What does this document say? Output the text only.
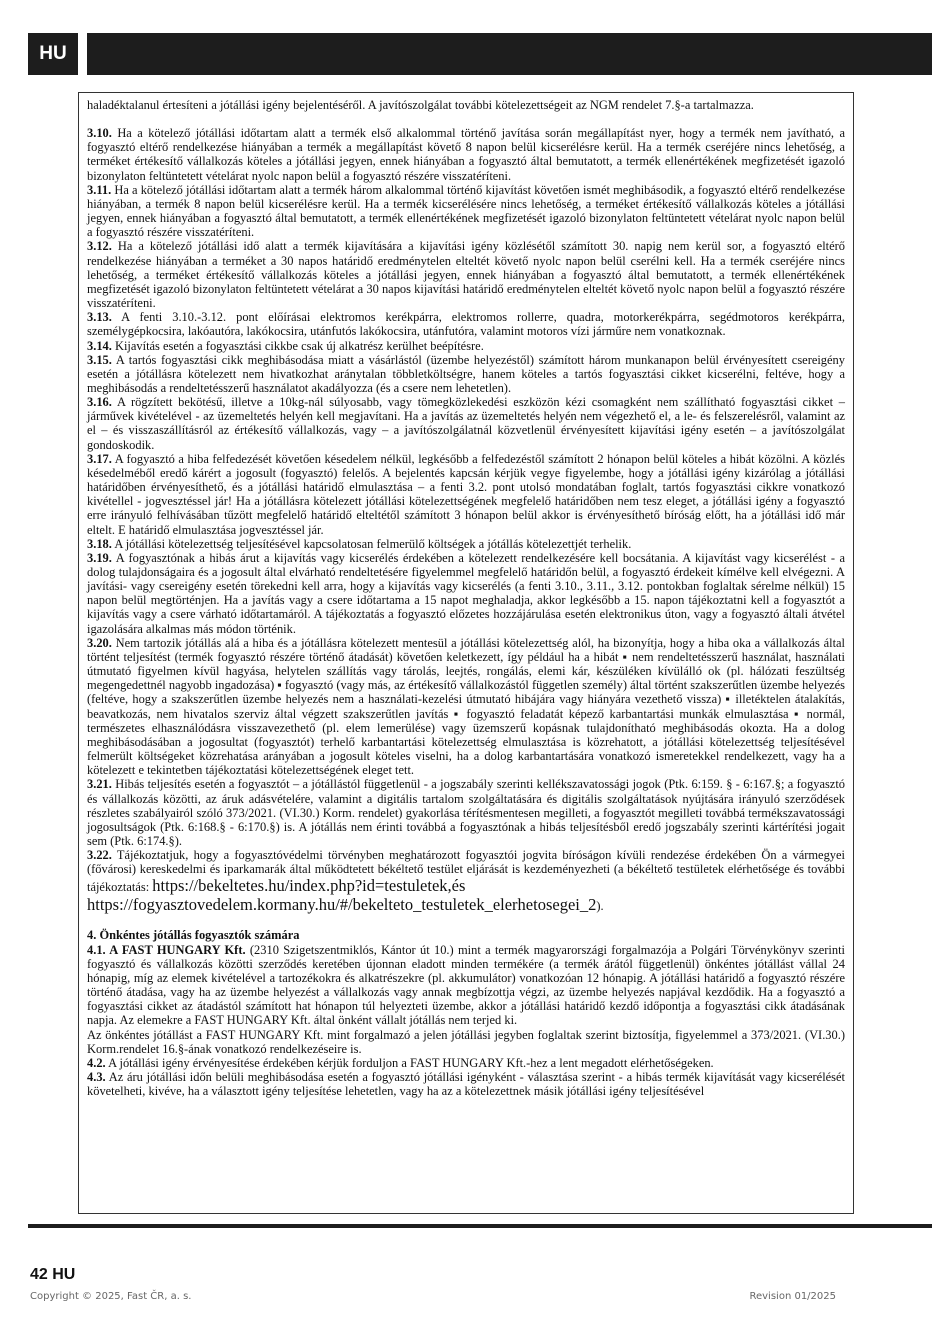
HU

haladéktalanul értesíteni a jótállási igény bejelentéséről. A javítószolgálat további kötelezettségeit az NGM rendelet 7.§-a tartalmazza.

3.10. Ha a kötelező jótállási időtartam alatt a termék első alkalommal történő javítása során megállapítást nyer, hogy a termék nem javítható, a fogyasztó eltérő rendelkezése hiányában a termék a megállapítást követő 8 napon belül kicserélésre kerül. Ha a termék cseréjére nincs lehetőség, a terméket értékesítő vállalkozás köteles a jótállási jegyen, ennek hiányában a fogyasztó által bemutatott, a termék ellenértékének megfizetését igazoló bizonylaton feltüntetett vételárat nyolc napon belül a fogyasztó részére visszatéríteni.

3.11. Ha a kötelező jótállási időtartam alatt a termék három alkalommal történő kijavítást követően ismét meghibásodik, a fogyasztó eltérő rendelkezése hiányában, a termék 8 napon belül kicserélésre kerül. Ha a termék kicserélésére nincs lehetőség, a terméket értékesítő vállalkozás köteles a jótállási jegyen, ennek hiányában a fogyasztó által bemutatott, a termék ellenértékének megfizetését igazoló bizonylaton feltüntetett vételárat nyolc napon belül a fogyasztó részére visszatéríteni.

3.12. Ha a kötelező jótállási idő alatt a termék kijavítására a kijavítási igény közlésétől számított 30. napig nem kerül sor, a fogyasztó eltérő rendelkezése hiányában a terméket a 30 napos határidő eredménytelen elteltét követő nyolc napon belül cserélni kell. Ha a termék cseréjére nincs lehetőség, a terméket értékesítő vállalkozás köteles a jótállási jegyen, ennek hiányában a fogyasztó által bemutatott, a termék ellenértékének megfizetését igazoló bizonylaton feltüntetett vételárat a 30 napos kijavítási határidő eredménytelen elteltét követő nyolc napon belül a fogyasztó részére visszatéríteni.

3.13. A fenti 3.10.-3.12. pont előírásai elektromos kerékpárra, elektromos rollerre, quadra, motorkerékpárra, segédmotoros kerékpárra, személygépkocsira, lakóautóra, lakókocsira, utánfutós lakókocsira, utánfutóra, valamint motoros vízi járműre nem vonatkoznak.

3.14. Kijavítás esetén a fogyasztási cikkbe csak új alkatrész kerülhet beépítésre.

3.15. A tartós fogyasztási cikk meghibásodása miatt a vásárlástól (üzembe helyezéstől) számított három munkanapon belül érvényesített csereigény esetén a jótállásra kötelezett nem hivatkozhat aránytalan többletköltségre, hanem köteles a tartós fogyasztási cikket kicserélni, feltéve, hogy a meghibásodás a rendeltetésszerű használatot akadályozza (és a csere nem lehetetlen).

3.16. A rögzített bekötésű, illetve a 10kg-nál súlyosabb, vagy tömegközlekedési eszközön kézi csomagként nem szállítható fogyasztási cikket – járművek kivételével - az üzemeltetés helyén kell megjavítani. Ha a javítás az üzemeltetés helyén nem végezhető el, a le- és felszerelésről, valamint az el – és visszaszállításról az értékesítő vállalkozás, vagy – a javítószolgálatnál közvetlenül érvényesített kijavítási igény esetén – a javítószolgálat gondoskodik.

3.17. A fogyasztó a hiba felfedezését követően késedelem nélkül, legkésőbb a felfedezéstől számított 2 hónapon belül köteles a hibát közölni. A közlés késedelméből eredő kárért a jogosult (fogyasztó) felelős. A bejelentés kapcsán kérjük vegye figyelembe, hogy a jótállási igény kizárólag a jótállási határidőben érvényesíthető, és a jótállási határidő elmulasztása – a fenti 3.2. pont utolsó mondatában foglalt, tartós fogyasztási cikkre vonatkozó kivétellel - jogvesztéssel jár! Ha a jótállásra kötelezett jótállási kötelezettségének megfelelő határidőben nem tesz eleget, a jótállási igény a fogyasztó erre irányuló felhívásában tűzött megfelelő határidő elteltétől számított 3 hónapon belül akkor is érvényesíthető bíróság előtt, ha a jótállási idő már eltelt. E határidő elmulasztása jogvesztéssel jár.

3.18. A jótállási kötelezettség teljesítésével kapcsolatosan felmerülő költségek a jótállás kötelezettjét terhelik.

3.19. A fogyasztónak a hibás árut a kijavítás vagy kicserélés érdekében a kötelezett rendelkezésére kell bocsátania. A kijavítást vagy kicserélést - a dolog tulajdonságaira és a jogosult által elvárható rendeltetésére figyelemmel megfelelő határidőn belül, a fogyasztó érdekeit kímélve kell elvégezni. A javítási- vagy csereigény esetén törekedni kell arra, hogy a kijavítás vagy kicserélés (a fenti 3.10., 3.11., 3.12. pontokban foglaltak sérelme nélkül) 15 napon belül megtörténjen. Ha a javítás vagy a csere időtartama a 15 napot meghaladja, akkor legkésőbb a 15. napon tájékoztatni kell a fogyasztót a kijavítás vagy a csere várható időtartamáról. A tájékoztatás a fogyasztó előzetes hozzájárulása esetén elektronikus úton, vagy a fogyasztó általi átvétel igazolására alkalmas más módon történik.

3.20. Nem tartozik jótállás alá a hiba és a jótállásra kötelezett mentesül a jótállási kötelezettség alól, ha bizonyítja, hogy a hiba oka a vállalkozás által történt teljesítést (termék fogyasztó részére történő átadását) követően keletkezett, így például ha a hibát ▪ nem rendeltetésszerű használat, használati útmutató figyelmen kívül hagyása, helytelen szállítás vagy tárolás, leejtés, rongálás, elemi kár, készüléken kívülálló ok (pl. hálózati feszültség megengedettnél nagyobb ingadozása) ▪ fogyasztó (vagy más, az értékesítő vállalkozástól független személy) által történt szakszerűtlen üzembe helyezés (feltéve, hogy a szakszerűtlen üzembe helyezés nem a használati-kezelési útmutató hibájára vagy hiányára vezethető vissza) ▪ illetéktelen átalakítás, beavatkozás, nem hivatalos szerviz által végzett szakszerűtlen javítás ▪ fogyasztó feladatát képező karbantartási munkák elmulasztása ▪ normál, természetes elhasználódásra visszavezethető (pl. elem lemerülése) vagy üzemszerű kopásnak tulajdonítható meghibásodás okozta. Ha a dolog meghibásodásában a jogosultat (fogyasztót) terhelő karbantartási kötelezettség elmulasztása is közrehatott, a jótállási kötelezettség teljesítésével felmerült költségeket közrehatása arányában a jogosult köteles viselni, ha a dolog karbantartására vonatkozó ismeretekkel rendelkezett, vagy ha a kötelezett e tekintetben tájékoztatási kötelezettségének eleget tett.

3.21. Hibás teljesítés esetén a fogyasztót – a jótállástól függetlenül - a jogszabály szerinti kellékszavatossági jogok (Ptk. 6:159. § - 6:167.§; a fogyasztó és vállalkozás közötti, az áruk adásvételére, valamint a digitális tartalom szolgáltatására és digitális szolgáltatások nyújtására irányuló szerződések részletes szabályairól szóló 373/2021. (VI.30.) Korm. rendelet) gyakorlása térítésmentesen megilleti, a fogyasztót megilleti továbbá termékszavatossági jogosultságok (Ptk. 6:168.§ - 6:170.§) is. A jótállás nem érinti továbbá a fogyasztónak a hibás teljesítésből eredő jogszabály szerinti kártérítési jogait sem (Ptk. 6:174.§).

3.22. Tájékoztatjuk, hogy a fogyasztóvédelmi törvényben meghatározott fogyasztói jogvita bíróságon kívüli rendezése érdekében Ön a vármegyei (fővárosi) kereskedelmi és iparkamarák által működtetett békéltető testület eljárását is kezdeményezheti (a békéltető testületek elérhetősége és további tájékoztatás: https://bekeltetes.hu/index.php?id=testuletek,és
https://fogyasztovedelem.kormany.hu/#/bekelteto_testuletek_elerhetosegei_2).

4. Önkéntes jótállás fogyasztók számára

4.1. A FAST HUNGARY Kft. (2310 Szigetszentmiklós, Kántor út 10.) mint a termék magyarországi forgalmazója a Polgári Törvénykönyv szerinti fogyasztó és vállalkozás közötti szerződés keretében újonnan eladott minden termékére (a termék árától függetlenül) önkéntes jótállást vállal 24 hónapig, míg az elemek kivételével a tartozékokra és alkatrészekre (pl. akkumulátor) vonatkozóan 12 hónapig. A jótállási határidő a fogyasztó részére történő átadása, vagy ha az üzembe helyezést a vállalkozás vagy annak megbízottja végzi, az üzembe helyezés napjával kezdődik. Ha a fogyasztó a fogyasztási cikket az átadástól számított hat hónapon túl helyezteti üzembe, akkor a jótállási határidő kezdő időpontja a fogyasztási cikk átadásának napja. Az elemekre a FAST HUNGARY Kft. által önként vállalt jótállás nem terjed ki.

Az önkéntes jótállást a FAST HUNGARY Kft. mint forgalmazó a jelen jótállási jegyben foglaltak szerint biztosítja, figyelemmel a 373/2021. (VI.30.) Korm.rendelet 16.§-ának vonatkozó rendelkezéseire is.

4.2. A jótállási igény érvényesítése érdekében kérjük forduljon a FAST HUNGARY Kft.-hez a lent megadott elérhetőségeken.

4.3. Az áru jótállási időn belüli meghibásodása esetén a fogyasztó jótállási igényként - választása szerint - a hibás termék kijavítását vagy kicserélését követelheti, kivéve, ha a választott igény teljesítése lehetetlen, vagy ha az a kötelezettnek másik jótállási igény teljesítésével

42 HU
Copyright © 2025, Fast ČR, a. s.	Revision 01/2025
